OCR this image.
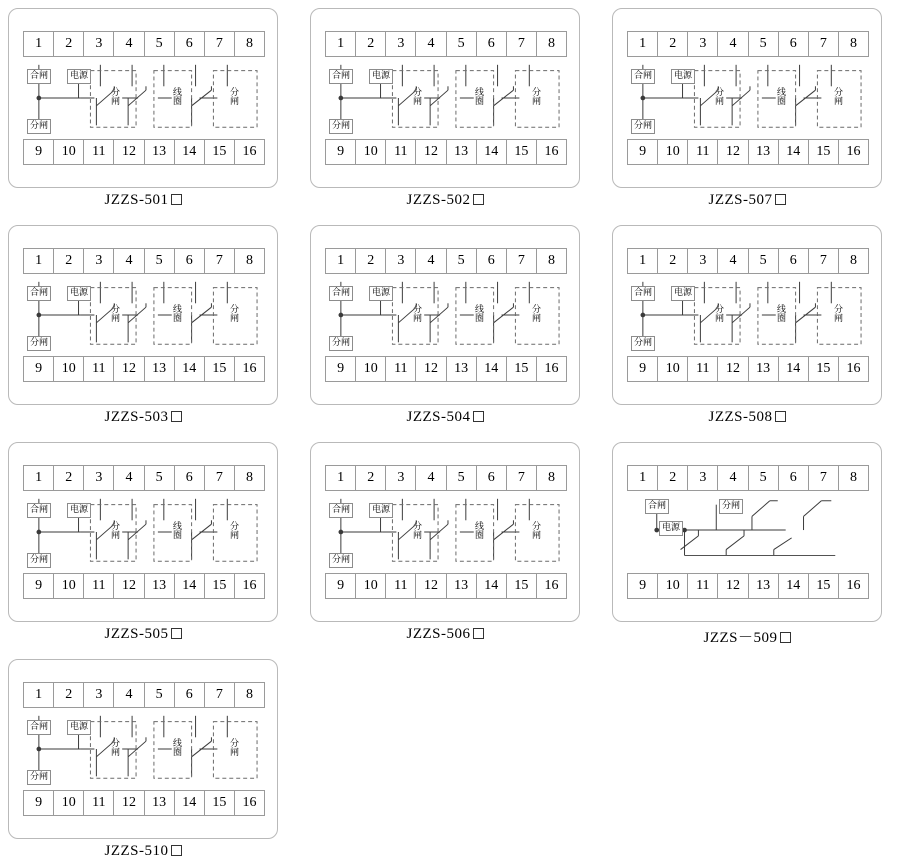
1	2	3	4	5	6	7	8
合闸
分闸
电源
分闸	线圈	分闸
9	10	11	12	13	14	15	16
JZZS-501
1	2	3	4	5	6	7	8
合闸
分闸
电源
分闸	线圈	分闸
9	10	11	12	13	14	15	16
JZZS-502
1	2	3	4	5	6	7	8
合闸
分闸
电源
分闸	线圈	分闸
9	10	11	12	13	14	15	16
JZZS-507
1	2	3	4	5	6	7	8
合闸
分闸
电源
分闸	线圈	分闸
9	10	11	12	13	14	15	16
JZZS-503
1	2	3	4	5	6	7	8
合闸
分闸
电源
分闸	线圈	分闸
9	10	11	12	13	14	15	16
JZZS-504
1	2	3	4	5	6	7	8
合闸
分闸
电源
分闸	线圈	分闸
9	10	11	12	13	14	15	16
JZZS-508
1	2	3	4	5	6	7	8
合闸
分闸
电源
分闸	线圈	分闸
9	10	11	12	13	14	15	16
JZZS-505
1	2	3	4	5	6	7	8
合闸
分闸
电源
分闸	线圈	分闸
9	10	11	12	13	14	15	16
JZZS-506
1	2	3	4	5	6	7	8
合闸
电源
分闸
9	10	11	12	13	14	15	16
JZZS－509
1	2	3	4	5	6	7	8
合闸
分闸
电源
分闸	线圈	分闸
9	10	11	12	13	14	15	16
JZZS-510
